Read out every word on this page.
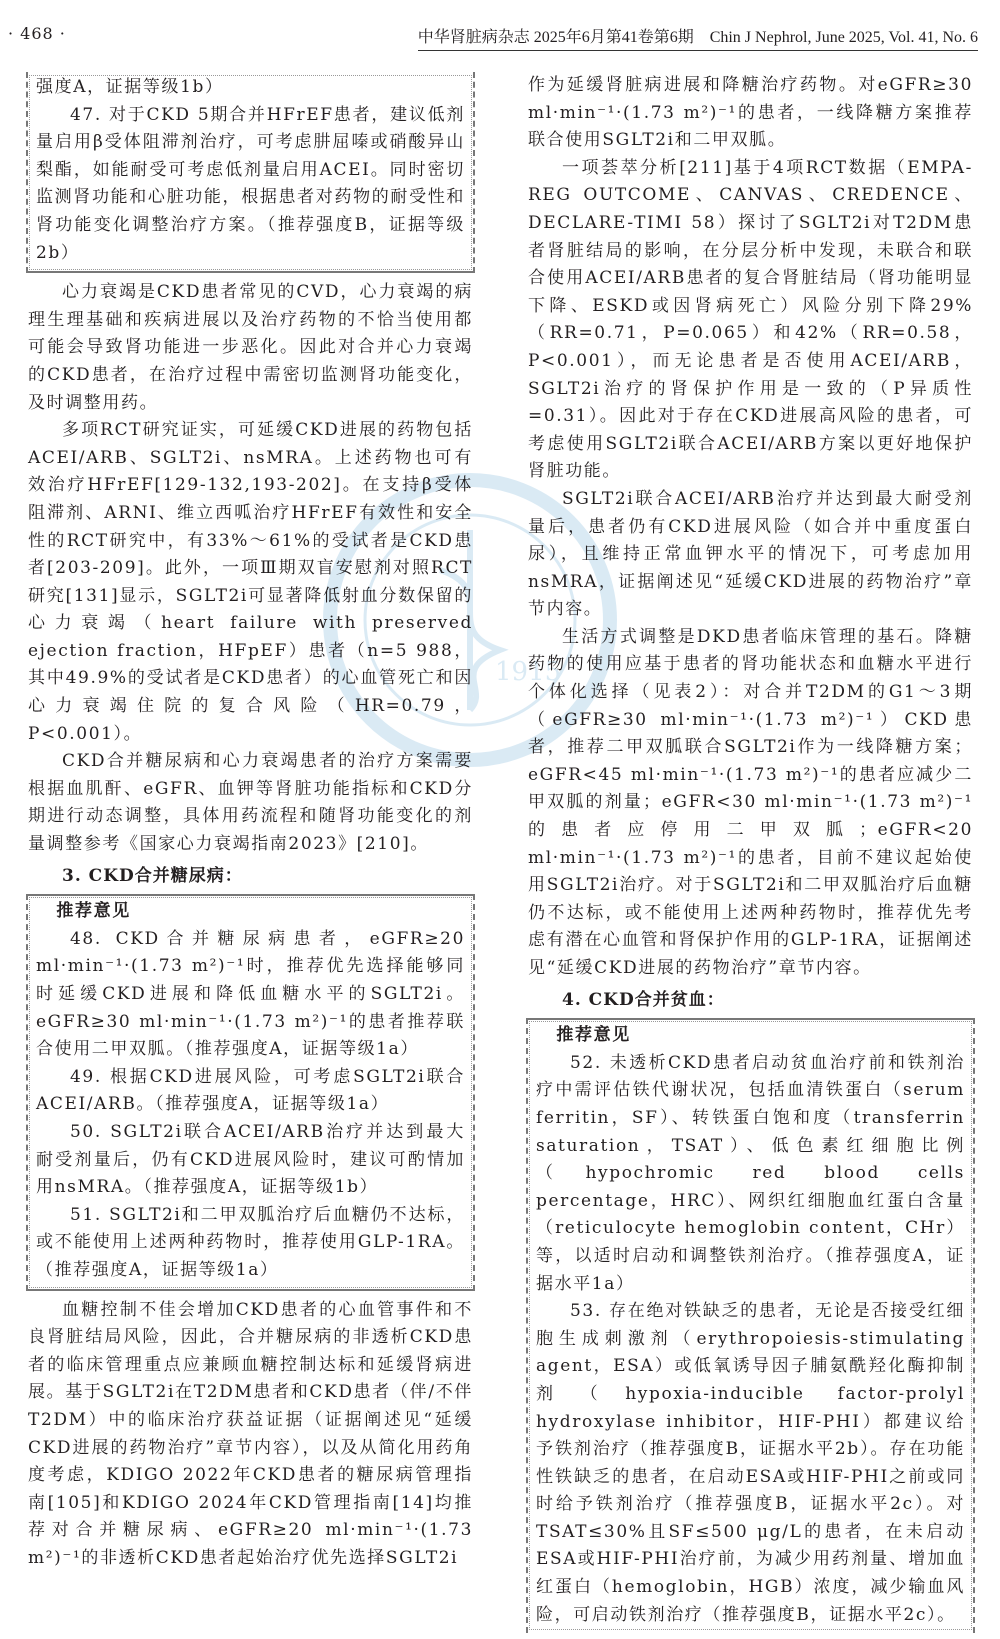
· 468 ·	中华肾脏病杂志 2025年6月第41卷第6期　Chin J Nephrol, June 2025, Vol. 41, No. 6
1915

强度A，证据等级1b）

47. 对于CKD 5期合并HFrEF患者，建议低剂量启用β受体阻滞剂治疗，可考虑肼屈嗪或硝酸异山梨酯，如能耐受可考虑低剂量启用ACEI。同时密切监测肾功能和心脏功能，根据患者对药物的耐受性和肾功能变化调整治疗方案。（推荐强度B，证据等级2b）

心力衰竭是CKD患者常见的CVD，心力衰竭的病理生理基础和疾病进展以及治疗药物的不恰当使用都可能会导致肾功能进一步恶化。因此对合并心力衰竭的CKD患者，在治疗过程中需密切监测肾功能变化，及时调整用药。

多项RCT研究证实，可延缓CKD进展的药物包括ACEI/ARB、SGLT2i、nsMRA。上述药物也可有效治疗HFrEF[129-132,193-202]。在支持β受体阻滞剂、ARNI、维立西呱治疗HFrEF有效性和安全性的RCT研究中，有33%～61%的受试者是CKD患者[203-209]。此外，一项Ⅲ期双盲安慰剂对照RCT研究[131]显示，SGLT2i可显著降低射血分数保留的心力衰竭（heart failure with preserved ejection fraction，HFpEF）患者（n=5 988，其中49.9%的受试者是CKD患者）的心血管死亡和因心力衰竭住院的复合风险（HR=0.79，P<0.001）。

CKD合并糖尿病和心力衰竭患者的治疗方案需要根据血肌酐、eGFR、血钾等肾脏功能指标和CKD分期进行动态调整，具体用药流程和随肾功能变化的剂量调整参考《国家心力衰竭指南2023》[210]。

3. CKD合并糖尿病：

推荐意见

48. CKD合并糖尿病患者，eGFR≥20 ml·min⁻¹·(1.73 m²)⁻¹时，推荐优先选择能够同时延缓CKD进展和降低血糖水平的SGLT2i。eGFR≥30 ml·min⁻¹·(1.73 m²)⁻¹的患者推荐联合使用二甲双胍。（推荐强度A，证据等级1a）

49. 根据CKD进展风险，可考虑SGLT2i联合ACEI/ARB。（推荐强度A，证据等级1a）

50. SGLT2i联合ACEI/ARB治疗并达到最大耐受剂量后，仍有CKD进展风险时，建议可酌情加用nsMRA。（推荐强度A，证据等级1b）

51. SGLT2i和二甲双胍治疗后血糖仍不达标，或不能使用上述两种药物时，推荐使用GLP-1RA。（推荐强度A，证据等级1a）

血糖控制不佳会增加CKD患者的心血管事件和不良肾脏结局风险，因此，合并糖尿病的非透析CKD患者的临床管理重点应兼顾血糖控制达标和延缓肾病进展。基于SGLT2i在T2DM患者和CKD患者（伴/不伴T2DM）中的临床治疗获益证据（证据阐述见“延缓CKD进展的药物治疗”章节内容），以及从简化用药角度考虑，KDIGO 2022年CKD患者的糖尿病管理指南[105]和KDIGO 2024年CKD管理指南[14]均推荐对合并糖尿病、eGFR≥20 ml·min⁻¹·(1.73 m²)⁻¹的非透析CKD患者起始治疗优先选择SGLT2i

作为延缓肾脏病进展和降糖治疗药物。对eGFR≥30 ml·min⁻¹·(1.73 m²)⁻¹的患者，一线降糖方案推荐联合使用SGLT2i和二甲双胍。

一项荟萃分析[211]基于4项RCT数据（EMPA-REG OUTCOME、CANVAS、CREDENCE、DECLARE-TIMI 58）探讨了SGLT2i对T2DM患者肾脏结局的影响，在分层分析中发现，未联合和联合使用ACEI/ARB患者的复合肾脏结局（肾功能明显下降、ESKD或因肾病死亡）风险分别下降29%（RR=0.71，P=0.065）和42%（RR=0.58，P<0.001），而无论患者是否使用ACEI/ARB，SGLT2i治疗的肾保护作用是一致的（P异质性=0.31）。因此对于存在CKD进展高风险的患者，可考虑使用SGLT2i联合ACEI/ARB方案以更好地保护肾脏功能。

SGLT2i联合ACEI/ARB治疗并达到最大耐受剂量后，患者仍有CKD进展风险（如合并中重度蛋白尿），且维持正常血钾水平的情况下，可考虑加用nsMRA，证据阐述见“延缓CKD进展的药物治疗”章节内容。

生活方式调整是DKD患者临床管理的基石。降糖药物的使用应基于患者的肾功能状态和血糖水平进行个体化选择（见表2）：对合并T2DM的G1～3期（eGFR≥30 ml·min⁻¹·(1.73 m²)⁻¹）CKD患者，推荐二甲双胍联合SGLT2i作为一线降糖方案；eGFR<45 ml·min⁻¹·(1.73 m²)⁻¹的患者应减少二甲双胍的剂量；eGFR<30 ml·min⁻¹·(1.73 m²)⁻¹的患者应停用二甲双胍；eGFR<20 ml·min⁻¹·(1.73 m²)⁻¹的患者，目前不建议起始使用SGLT2i治疗。对于SGLT2i和二甲双胍治疗后血糖仍不达标，或不能使用上述两种药物时，推荐优先考虑有潜在心血管和肾保护作用的GLP-1RA，证据阐述见“延缓CKD进展的药物治疗”章节内容。

4. CKD合并贫血：

推荐意见

52. 未透析CKD患者启动贫血治疗前和铁剂治疗中需评估铁代谢状况，包括血清铁蛋白（serum ferritin，SF）、转铁蛋白饱和度（transferrin saturation，TSAT）、低色素红细胞比例（hypochromic red blood cells percentage，HRC）、网织红细胞血红蛋白含量（reticulocyte hemoglobin content，CHr）等，以适时启动和调整铁剂治疗。（推荐强度A，证据水平1a）

53. 存在绝对铁缺乏的患者，无论是否接受红细胞生成刺激剂（erythropoiesis-stimulating agent，ESA）或低氧诱导因子脯氨酰羟化酶抑制剂（hypoxia-inducible factor-prolyl hydroxylase inhibitor，HIF-PHI）都建议给予铁剂治疗（推荐强度B，证据水平2b）。存在功能性铁缺乏的患者，在启动ESA或HIF-PHI之前或同时给予铁剂治疗（推荐强度B，证据水平2c）。对TSAT≤30%且SF≤500 μg/L的患者，在未启动ESA或HIF-PHI治疗前，为减少用药剂量、增加血红蛋白（hemoglobin，HGB）浓度，减少输血风险，可启动铁剂治疗（推荐强度B，证据水平2c）。
